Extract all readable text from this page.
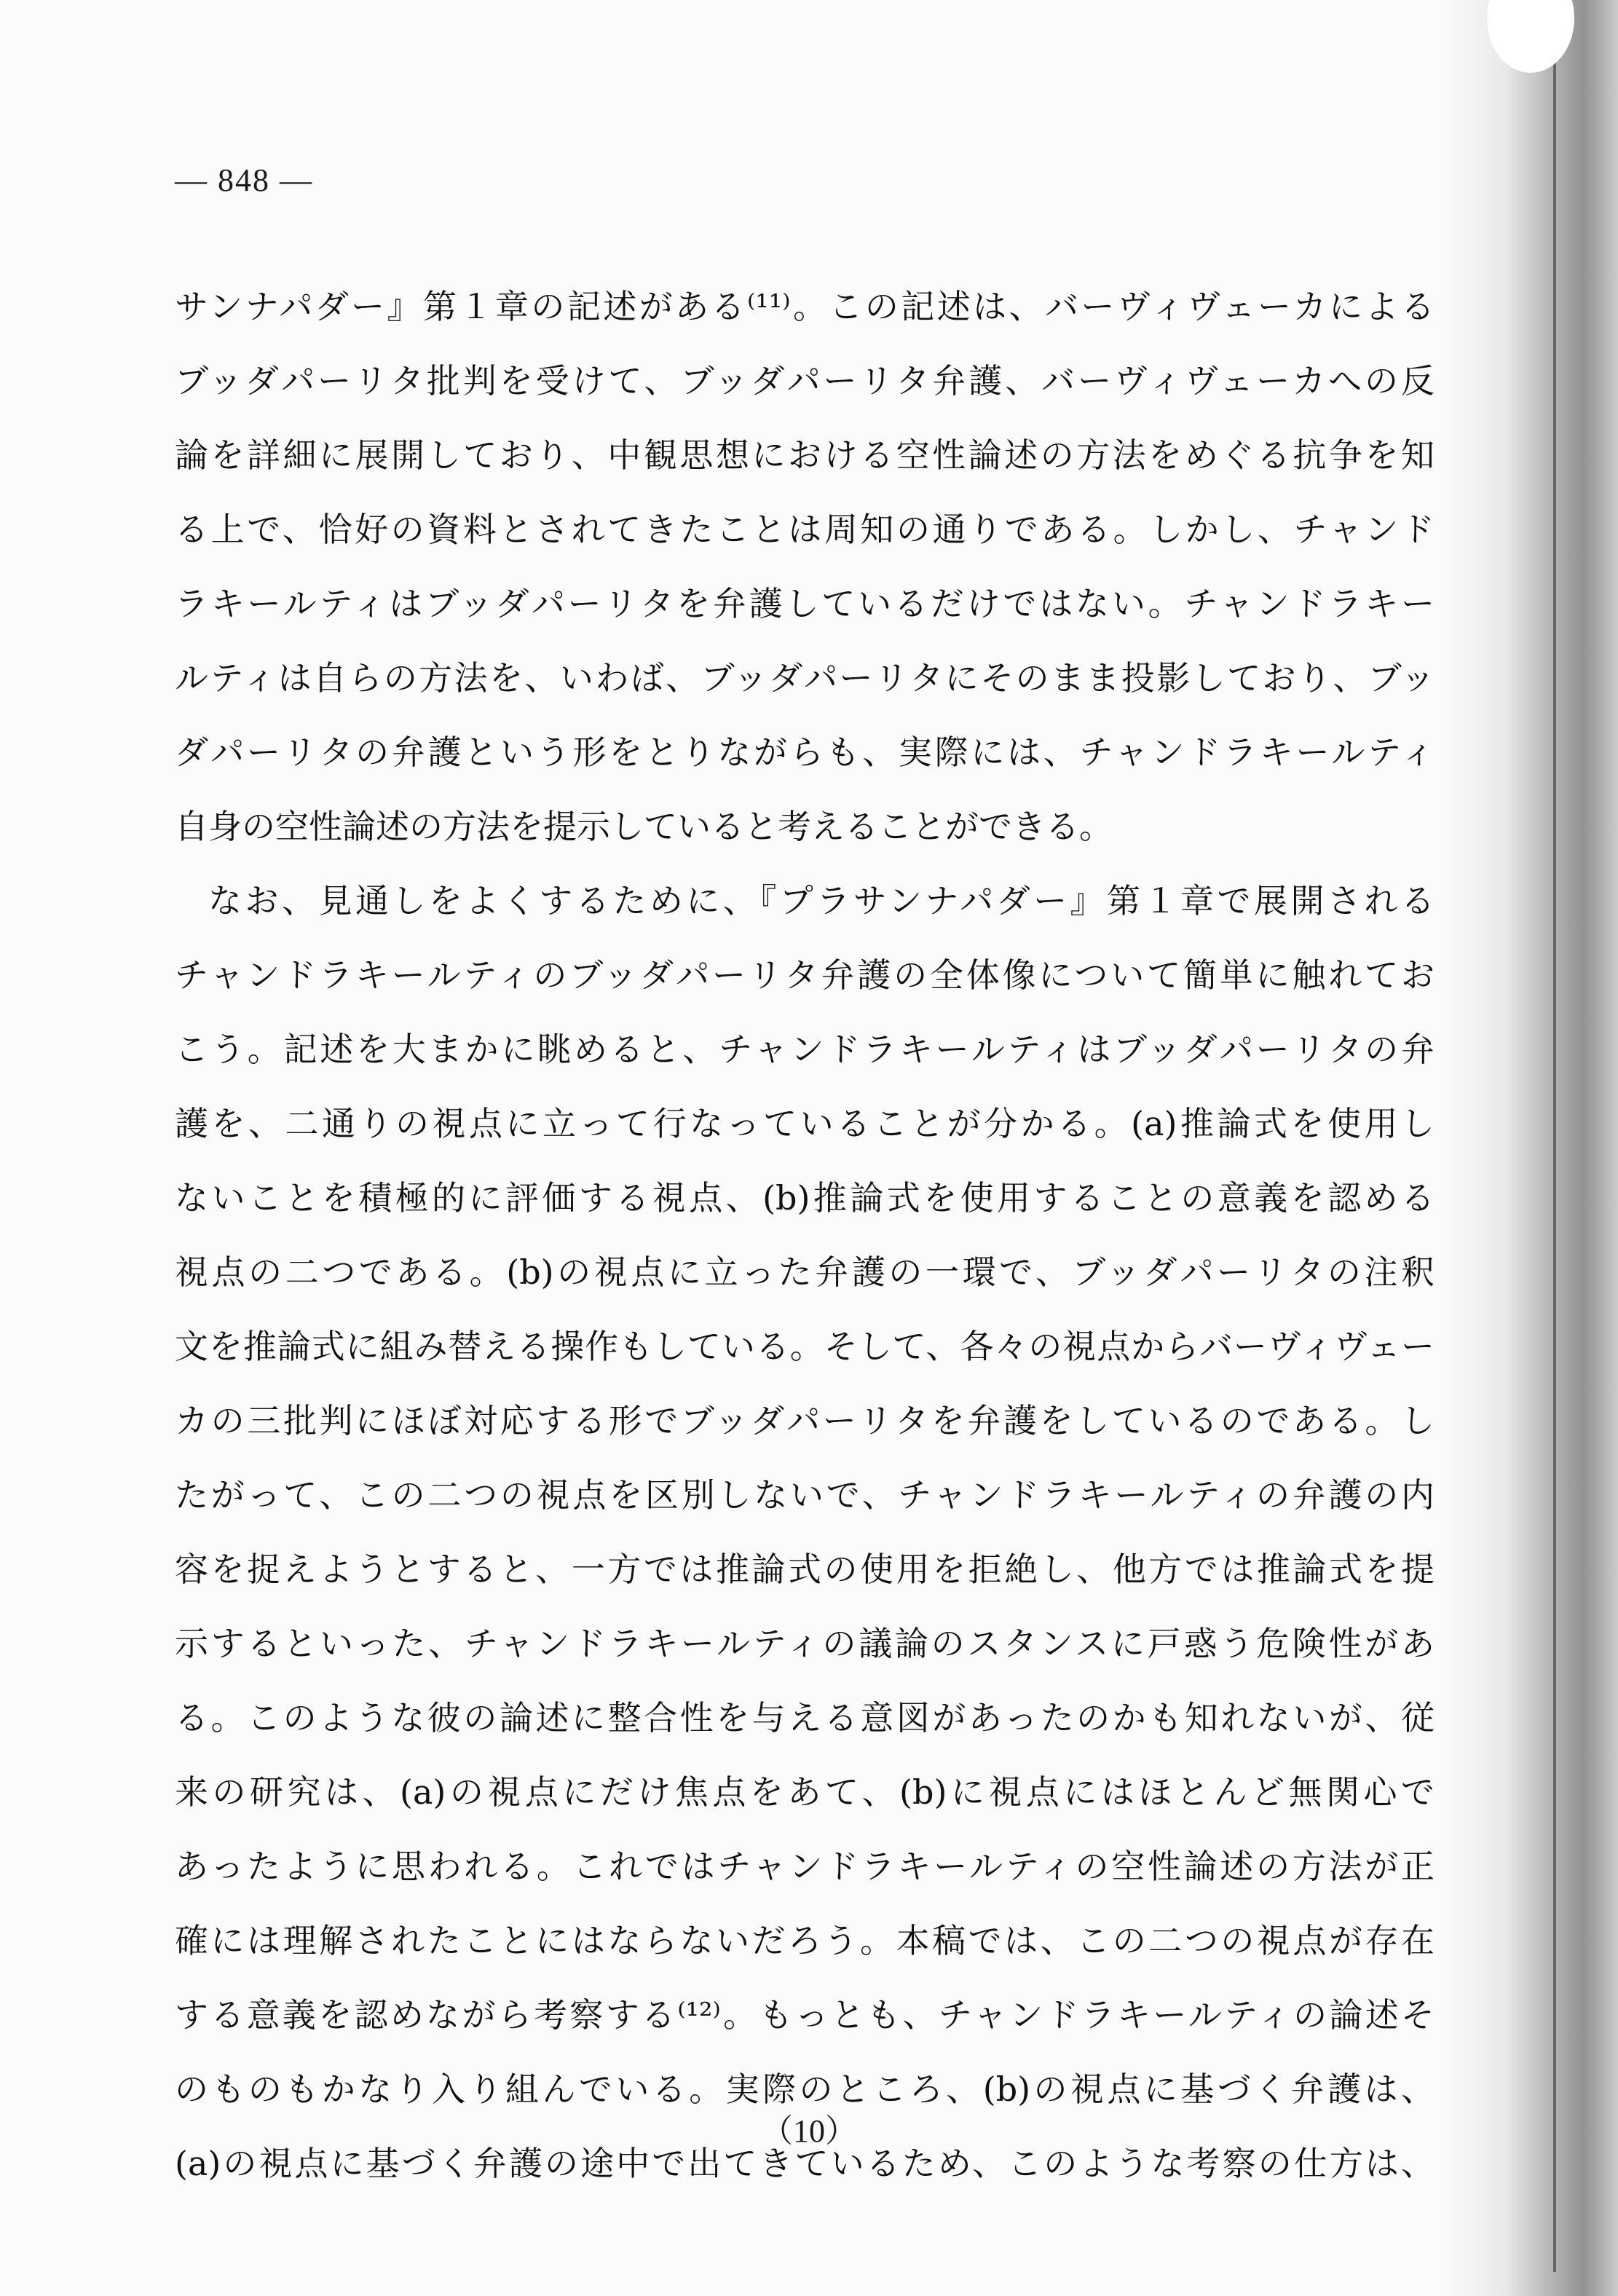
— 848 —
サンナパダー』第１章の記述がある⁽¹¹⁾。この記述は、バーヴィヴェーカによる
ブッダパーリタ批判を受けて、ブッダパーリタ弁護、バーヴィヴェーカへの反
論を詳細に展開しており、中観思想における空性論述の方法をめぐる抗争を知
る上で、恰好の資料とされてきたことは周知の通りである。しかし、チャンド
ラキールティはブッダパーリタを弁護しているだけではない。チャンドラキー
ルティは自らの方法を、いわば、ブッダパーリタにそのまま投影しており、ブッ
ダパーリタの弁護という形をとりながらも、実際には、チャンドラキールティ
自身の空性論述の方法を提示していると考えることができる。
なお、見通しをよくするために、『プラサンナパダー』第１章で展開される
チャンドラキールティのブッダパーリタ弁護の全体像について簡単に触れてお
こう。記述を大まかに眺めると、チャンドラキールティはブッダパーリタの弁
護を、二通りの視点に立って行なっていることが分かる。(a)推論式を使用し
ないことを積極的に評価する視点、(b)推論式を使用することの意義を認める
視点の二つである。(b)の視点に立った弁護の一環で、ブッダパーリタの注釈
文を推論式に組み替える操作もしている。そして、各々の視点からバーヴィヴェー
カの三批判にほぼ対応する形でブッダパーリタを弁護をしているのである。し
たがって、この二つの視点を区別しないで、チャンドラキールティの弁護の内
容を捉えようとすると、一方では推論式の使用を拒絶し、他方では推論式を提
示するといった、チャンドラキールティの議論のスタンスに戸惑う危険性があ
る。このような彼の論述に整合性を与える意図があったのかも知れないが、従
来の研究は、(a)の視点にだけ焦点をあて、(b)に視点にはほとんど無関心で
あったように思われる。これではチャンドラキールティの空性論述の方法が正
確には理解されたことにはならないだろう。本稿では、この二つの視点が存在
する意義を認めながら考察する⁽¹²⁾。もっとも、チャンドラキールティの論述そ
のものもかなり入り組んでいる。実際のところ、(b)の視点に基づく弁護は、
(a)の視点に基づく弁護の途中で出てきているため、このような考察の仕方は、
（10）
